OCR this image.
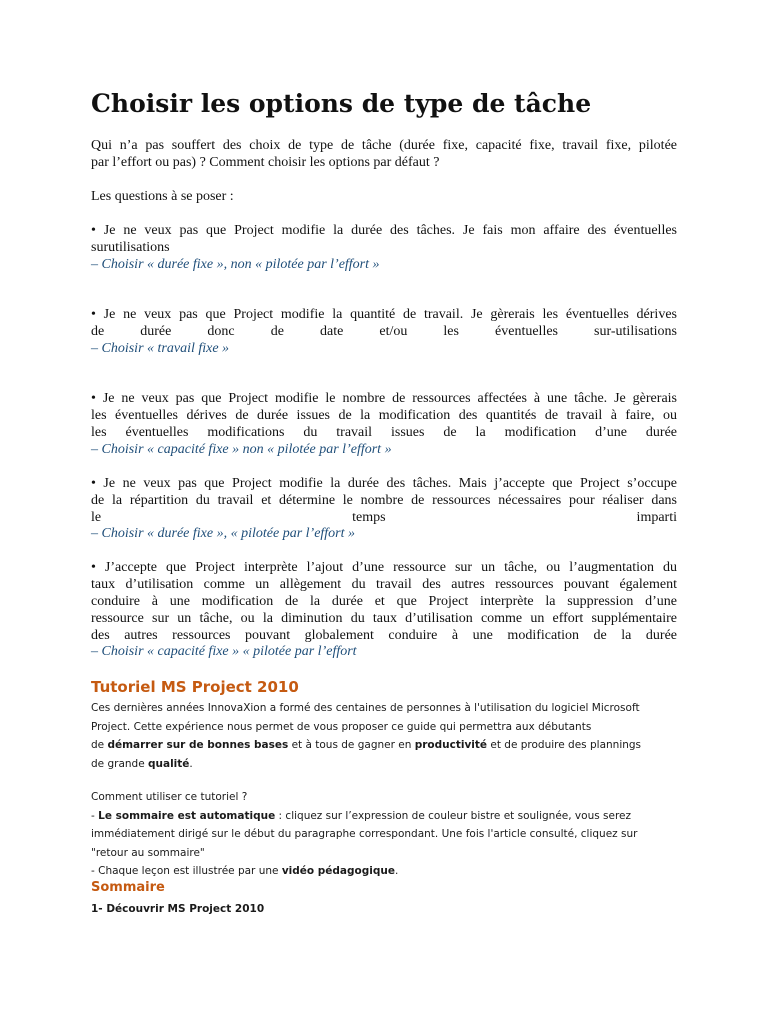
Choisir les options de type de tâche
Qui n’a pas souffert des choix de type de tâche (durée fixe, capacité fixe, travail fixe, pilotée
par l’effort ou pas) ? Comment choisir les options par défaut ?
Les questions à se poser :
• Je ne veux pas que Project modifie la durée des tâches. Je fais mon affaire des éventuelles
surutilisations
– Choisir « durée fixe », non « pilotée par l’effort »
• Je ne veux pas que Project modifie la quantité de travail. Je gèrerais les éventuelles dérives
de durée donc de date et/ou les éventuelles sur-utilisations
– Choisir « travail fixe »
• Je ne veux pas que Project modifie le nombre de ressources affectées à une tâche. Je gèrerais
les éventuelles dérives de durée issues de la modification des quantités de travail à faire, ou
les éventuelles modifications du travail issues de la modification d’une durée
– Choisir « capacité fixe » non « pilotée par l’effort »
• Je ne veux pas que Project modifie la durée des tâches. Mais j’accepte que Project s’occupe
de la répartition du travail et détermine le nombre de ressources nécessaires pour réaliser dans
le temps imparti
– Choisir « durée fixe », « pilotée par l’effort »
• J’accepte que Project interprète l’ajout d’une ressource sur un tâche, ou l’augmentation du
taux d’utilisation comme un allègement du travail des autres ressources pouvant également
conduire à une modification de la durée et que Project interprète la suppression d’une
ressource sur un tâche, ou la diminution du taux d’utilisation comme un effort supplémentaire
des autres ressources pouvant globalement conduire à une modification de la durée
– Choisir « capacité fixe » « pilotée par l’effort
Tutoriel MS Project 2010
Ces dernières années InnovaXion a formé des centaines de personnes à l'utilisation du logiciel Microsoft
Project. Cette expérience nous permet de vous proposer ce guide qui permettra aux débutants
de démarrer sur de bonnes bases et à tous de gagner en productivité et de produire des plannings
de grande qualité.
Comment utiliser ce tutoriel ?
- Le sommaire est automatique : cliquez sur l’expression de couleur bistre et soulignée, vous serez
immédiatement dirigé sur le début du paragraphe correspondant. Une fois l'article consulté, cliquez sur
"retour au sommaire"
- Chaque leçon est illustrée par une vidéo pédagogique.
Sommaire
1- Découvrir MS Project 2010
